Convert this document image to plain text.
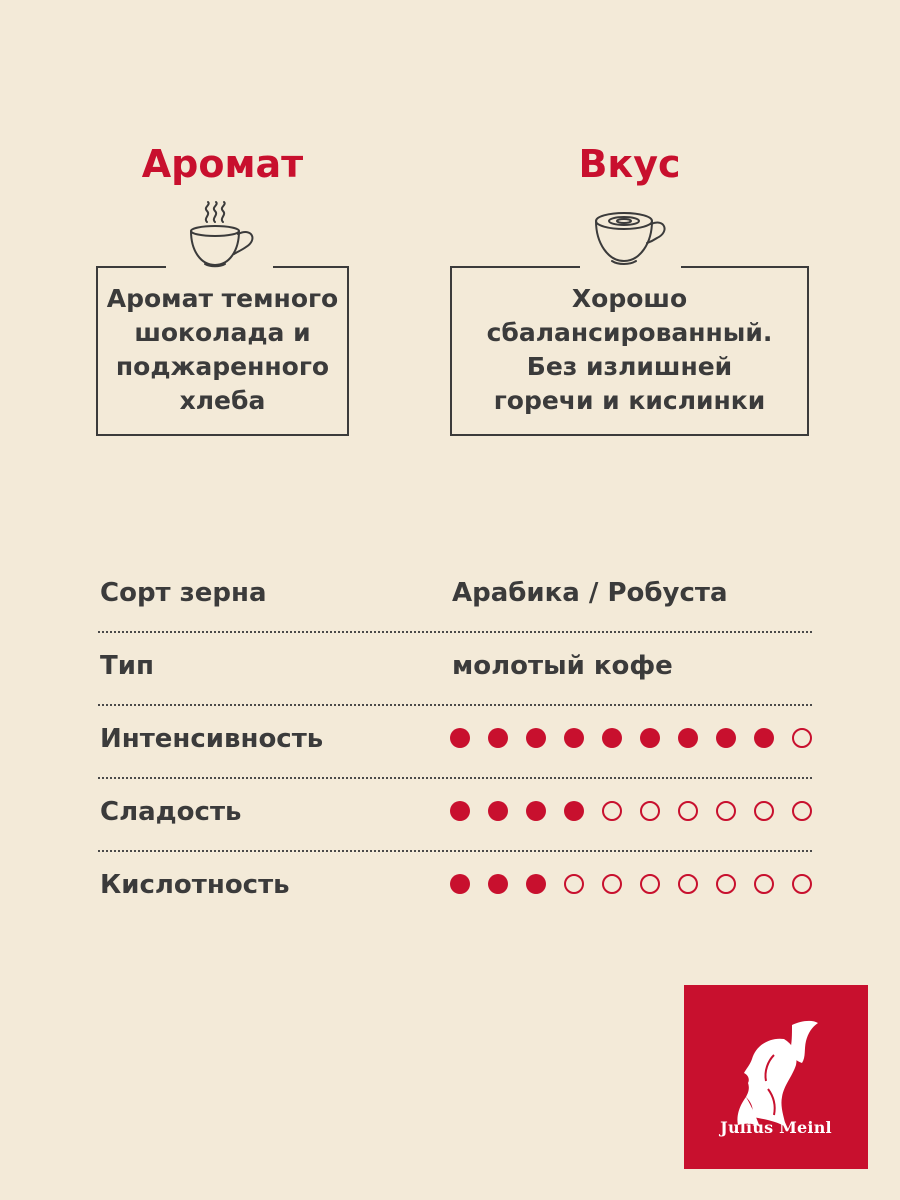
Аромат
Аромат темного
шоколада и
поджаренного
хлеба
Вкус
Хорошо
сбалансированный.
Без излишней
горечи и кислинки
Сорт зерна	Арабика / Робуста
Тип	молотый кофе
Интенсивность
Сладость
Кислотность
Julius Meinl
